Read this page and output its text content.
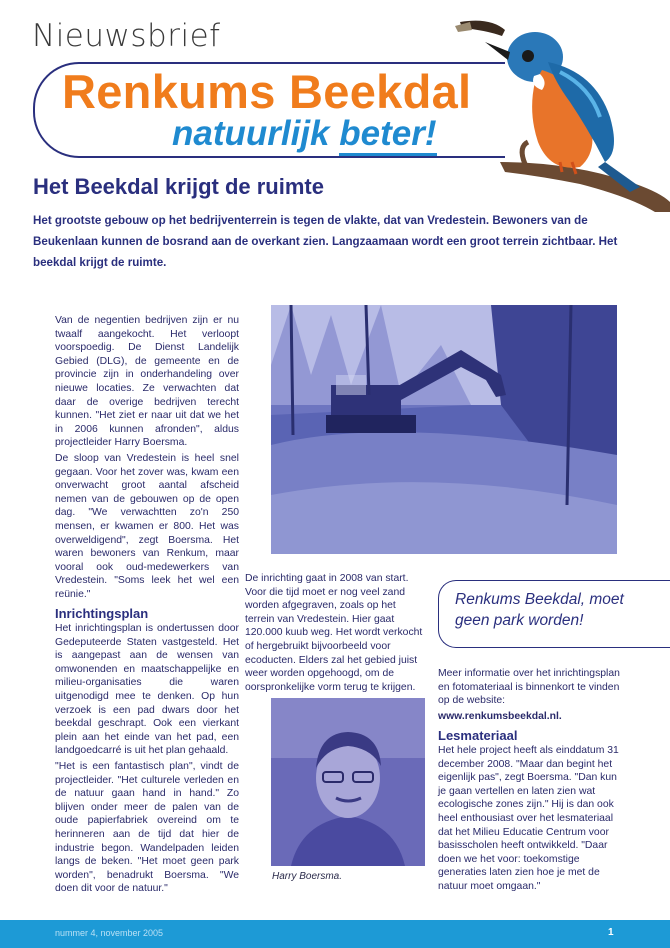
Nieuwsbrief
Renkums Beekdal
natuurlijk beter!
Het Beekdal krijgt de ruimte
Het grootste gebouw op het bedrijventerrein is tegen de vlakte, dat van Vredestein. Bewoners van de Beukenlaan kunnen de bosrand aan de overkant zien. Langzaamaan wordt een groot terrein zichtbaar. Het beekdal krijgt de ruimte.

Van de negentien bedrijven zijn er nu twaalf aangekocht. Het verloopt voorspoedig. De Dienst Landelijk Gebied (DLG), de gemeente en de provincie zijn in onderhandeling over nieuwe locaties. Ze verwachten dat daar de overige bedrijven terecht kunnen. "Het ziet er naar uit dat we het in 2006 kunnen afronden", aldus projectleider Harry Boersma.

De sloop van Vredestein is heel snel gegaan. Voor het zover was, kwam een onverwacht groot aantal afscheid nemen van de gebouwen op de open dag. "We verwachtten zo'n 250 mensen, er kwamen er 800. Het was overweldigend", zegt Boersma. Het waren bewoners van Renkum, maar vooral ook oud-medewerkers van Vredestein. "Soms leek het wel een reünie."

Inrichtingsplan

Het inrichtingsplan is ondertussen door Gedeputeerde Staten vastgesteld. Het is aangepast aan de wensen van omwonenden en maatschappelijke en milieu-organisaties die waren uitgenodigd mee te denken. Op hun verzoek is een pad dwars door het beekdal geschrapt. Ook een vierkant plein aan het einde van het pad, een landgoedcarré is uit het plan gehaald.

"Het is een fantastisch plan", vindt de projectleider. "Het culturele verleden en de natuur gaan hand in hand." Zo blijven onder meer de palen van de oude papierfabriek overeind om te herinneren aan de tijd dat hier de industrie begon. Wandelpaden leiden langs de beken. "Het moet geen park worden", benadrukt Boersma. "We doen dit voor de natuur."

De inrichting gaat in 2008 van start. Voor die tijd moet er nog veel zand worden afgegraven, zoals op het terrein van Vredestein. Hier gaat 120.000 kuub weg. Het wordt verkocht of hergebruikt bijvoorbeeld voor ecoducten. Elders zal het gebied juist weer worden opgehoogd, om de oorspronkelijke vorm terug te krijgen.

Harry Boersma.
Renkums Beekdal, moet geen park worden!

Meer informatie over het inrichtingsplan en fotomateriaal is binnenkort te vinden op de website:

www.renkumsbeekdal.nl.

Lesmateriaal

Het hele project heeft als einddatum 31 december 2008. "Maar dan begint het eigenlijk pas", zegt Boersma. "Dan kun je gaan vertellen en laten zien wat ecologische zones zijn." Hij is dan ook heel enthousiast over het lesmateriaal dat het Milieu Educatie Centrum voor basisscholen heeft ontwikkeld. "Daar doen we het voor: toekomstige generaties laten zien hoe je met de natuur moet omgaan."

nummer 4, november 2005	1
